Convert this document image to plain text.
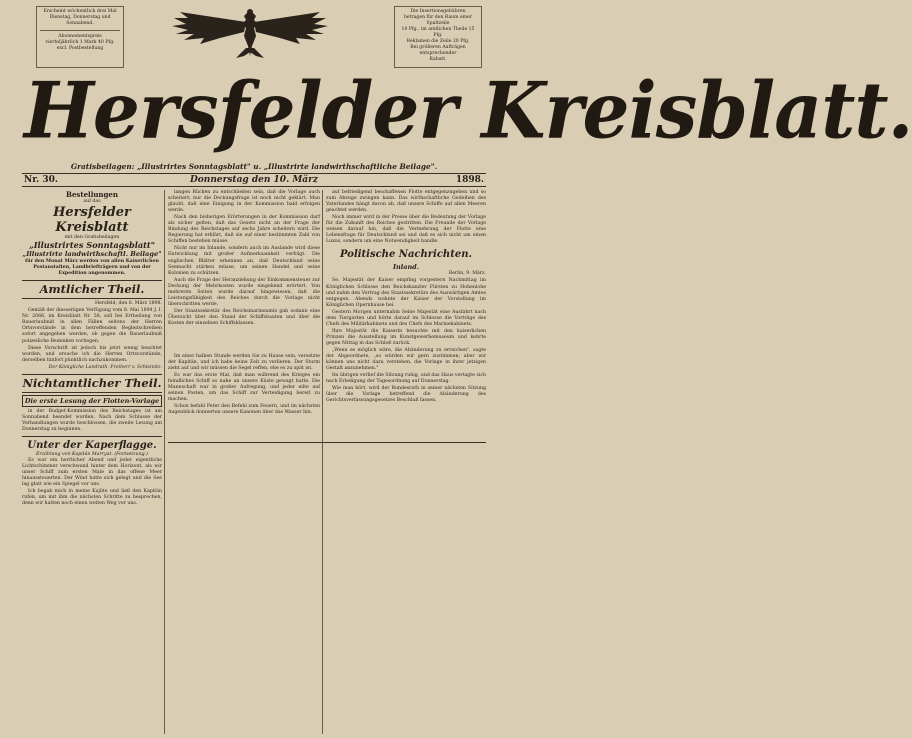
Erscheint wöchentlich drei Mal
Dienstag, Donnerstag und Sonnabend.
Abonnementspreis
vierteljährlich 1 Mark 40 Pfg.
excl. Postbestellung
Die Insertionsgebühren
betragen für den Raum einer Spaltzeile
10 Pfg., im amtlichen Theile 15 Pfg.
Reklamen die Zeile 20 Pfg.
Bei größeren Aufträgen entsprechender
Rabatt.
Hersfelder Kreisblatt.
Gratisbeilagen: „Illustrirtes Sonntagsblatt" u. „Illustrirte landwirthschaftliche Beilage".
Nr. 30.	Donnerstag den 10. März	1898.
Bestellungen
auf das
Hersfelder Kreisblatt
mit den Gratisbeilagen
„Illustrirtes Sonntagsblatt"
„Illustrirte landwirthschaftl. Beilage"
für den Monat März werden von allen Kaiserlichen Postanstalten, Landbriefträgern und von der Expedition angenommen.
Amtlicher Theil.

Hersfeld, den 6. März 1898.

Gemäß der diesseitigen Verfügung vom 8. Mai 1894 J. I. Nr. 2066, im Kreisblatt Nr. 58, soll bei Ertheilung von Bauerlaubniß in allen Fällen seitens der Herren Ortsvorstände in dem betreffenden Begleitschreiben sofort angegeben werden, ob gegen die Bauerlaubniß polizeiliche Bedenken vorliegen.

Diese Vorschrift ist jedoch bis jetzt wenig beachtet worden, und ersuche ich die Herren Ortsvorstände, derselben hinfort pünktlich nachzukommen.

Der Königliche Landrath. Freiherr v. Schleinitz.

Nichtamtlicher Theil.
Die erste Lesung der Flotten-Vorlage

in der Budget-Kommission des Reichstages ist am Sonnabend beendet worden. Nach dem Schlusse der Verhandlungen wurde beschlossen, die zweite Lesung am Donnerstag zu beginnen.

Unter der Kaperflagge.
Erzählung von Kapitän Marryat. (Fortsetzung.)

Es war ein herrlicher Abend und jeder eigentliche Lichtschimmer verschwand hinter dem Horizont, als wir unser Schiff zum ersten Male in das offene Meer hinaussteuerten. Der Wind hatte sich gelegt und die See lag glatt wie ein Spiegel vor uns.

Ich begab mich in meine Kajüte und ließ den Kapitän rufen, um mit ihm die nächsten Schritte zu besprechen, denn wir hatten noch einen weiten Weg vor uns.

langen Rücken zu entschließen sein, daß die Vorlage auch scheitert; nur die Deckungsfrage ist noch nicht geklärt. Man glaubt, daß eine Einigung in der Kommission bald erfolgen werde.

Nach den bisherigen Erörterungen in der Kommission darf als sicher gelten, daß das Gesetz nicht an der Frage der Bindung des Reichstages auf sechs Jahre scheitern wird. Die Regierung hat erklärt, daß sie auf einer bestimmten Zahl von Schiffen bestehen müsse.

Nicht nur im Inlande, sondern auch im Auslande wird diese Entwicklung mit großer Aufmerksamkeit verfolgt. Die englischen Blätter erkennen an, daß Deutschland seine Seemacht stärken müsse, um seinen Handel und seine Kolonien zu schützen.

Auch die Frage der Heranziehung der Einkommensteuer zur Deckung der Mehrkosten wurde eingehend erörtert. Von mehreren Seiten wurde darauf hingewiesen, daß die Leistungsfähigkeit des Reiches durch die Vorlage nicht überschritten werde.

Der Staatssekretär des Reichsmarineamts gab sodann eine Übersicht über den Stand der Schiffsbauten und über die Kosten der einzelnen Schiffsklassen.

Im einer halben Stunde werden Sie zu Hause sein, versetzte der Kapitän, und ich habe keine Zeit zu verlieren. Der Sturm zieht auf und wir müssen die Segel reffen, ehe es zu spät ist.

Es war das erste Mal, daß man während des Krieges ein feindliches Schiff so nahe an unsere Küste gewagt hatte. Die Mannschaft war in großer Aufregung, und jeder eilte auf seinen Posten, um das Schiff zur Verteidigung bereit zu machen.

Schon befahl Peter den Befehl zum Feuern, und im nächsten Augenblick donnerten unsere Kanonen über das Wasser hin.

auf befriedigend beschaffenen Flotte entgegenzugehen und so zum Abzuge zwingen kann. Das wirthschaftliche Gedeihen des Vaterlandes hängt davon ab, daß unsere Schiffe auf allen Meeren geachtet werden.

Noch immer wird in der Presse über die Bedeutung der Vorlage für die Zukunft des Reiches gestritten. Die Freunde der Vorlage weisen darauf hin, daß die Vermehrung der Flotte eine Lebensfrage für Deutschland sei und daß es sich nicht um einen Luxus, sondern um eine Notwendigkeit handle.

Politische Nachrichten.
Inland.

Berlin, 9. März.

Se. Majestät der Kaiser empfing vorgestern Nachmittag im Königlichen Schlosse den Reichskanzler Fürsten zu Hohenlohe und nahm den Vortrag des Staatssekretärs des Auswärtigen Amtes entgegen. Abends wohnte der Kaiser der Vorstellung im Königlichen Opernhause bei.

Gestern Morgen unternahm Seine Majestät eine Ausfahrt nach dem Tiergarten und hörte darauf im Schlosse die Vorträge des Chefs des Militärkabinets und des Chefs des Marinekabinets.

Ihre Majestät die Kaiserin besuchte mit den kaiserlichen Prinzen die Ausstellung im Kunstgewerbemuseum und kehrte gegen Mittag in das Schloß zurück.

„Wenn es möglich wäre, die Abänderung zu erreichen", sagte der Abgeordnete, „so würden wir gern zustimmen; aber wir können uns nicht dazu verstehen, die Vorlage in ihrer jetzigen Gestalt anzunehmen."

Im übrigen verlief die Sitzung ruhig, und das Haus vertagte sich nach Erledigung der Tagesordnung auf Donnerstag.

Wie man hört, wird der Bundesrath in seiner nächsten Sitzung über die Vorlage betreffend die Abänderung des Gerichtsverfassungsgesetzes Beschluß fassen.
